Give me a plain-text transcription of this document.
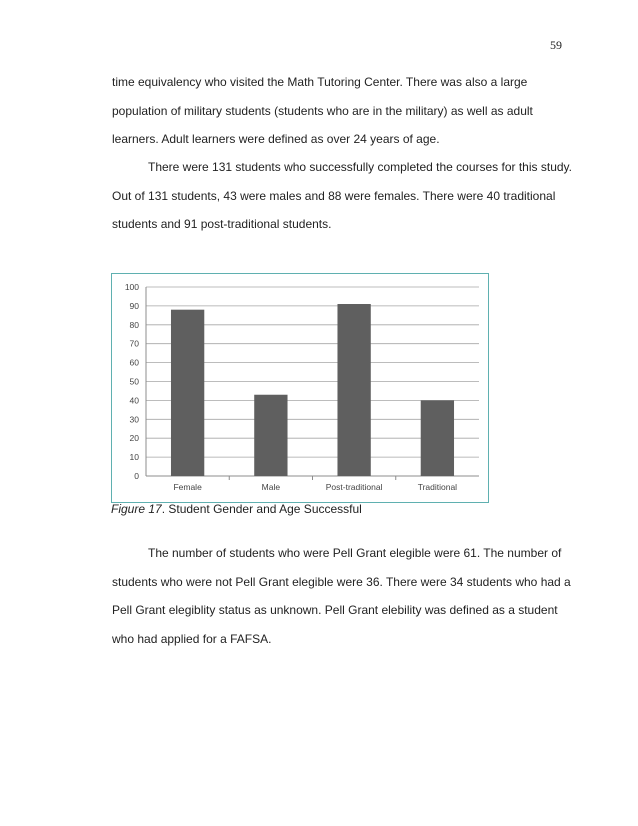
59

time equivalency who visited the Math Tutoring Center. There was also a large population of military students (students who are in the military) as well as adult learners. Adult learners were defined as over 24 years of age.

There were 131 students who successfully completed the courses for this study. Out of 131 students, 43 were males and 88 were females. There were 40 traditional students and 91 post-traditional students.

0
10
20
30
40
50
60
70
80
90
100
Female	Male	Post-traditional	Traditional
Figure 17. Student Gender and Age Successful

The number of students who were Pell Grant elegible were 61. The number of students who were not Pell Grant elegible were 36. There were 34 students who had a Pell Grant elegiblity status as unknown. Pell Grant elebility was defined as a student who had applied for a FAFSA.
